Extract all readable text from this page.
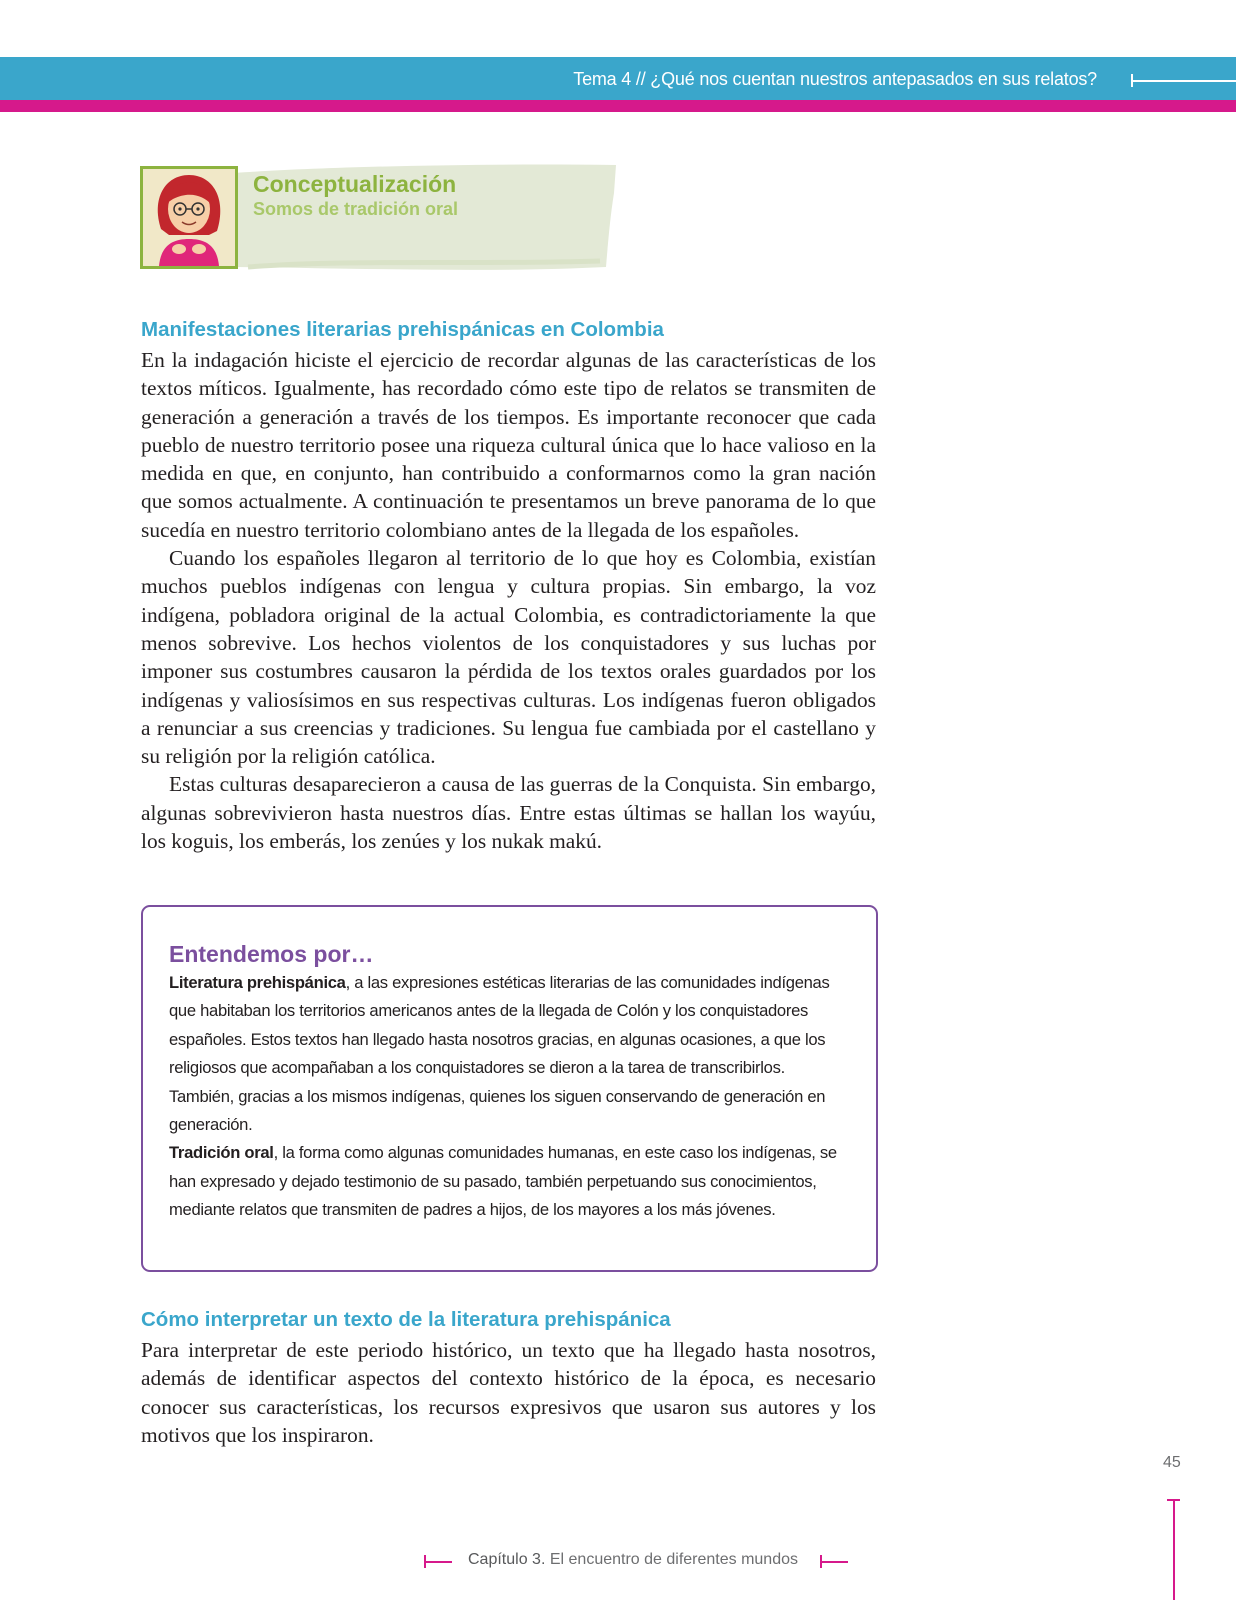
Tema 4 // ¿Qué nos cuentan nuestros antepasados en sus relatos?
Conceptualización
Somos de tradición oral
Manifestaciones literarias prehispánicas en Colombia

En la indagación hiciste el ejercicio de recordar algunas de las características de los textos míticos. Igualmente, has recordado cómo este tipo de relatos se transmiten de generación a generación a través de los tiempos. Es importante reconocer que cada pueblo de nuestro territorio posee una riqueza cultural única que lo hace valioso en la medida en que, en conjunto, han contribuido a conformarnos como la gran nación que somos actualmente. A continuación te presentamos un breve panorama de lo que sucedía en nuestro territorio colombiano antes de la llegada de los españoles.

Cuando los españoles llegaron al territorio de lo que hoy es Colombia, existían muchos pueblos indígenas con lengua y cultura propias. Sin embargo, la voz indígena, pobladora original de la actual Colombia, es contradictoriamente la que menos sobrevive. Los hechos violentos de los conquistadores y sus luchas por imponer sus costumbres causaron la pérdida de los textos orales guardados por los indígenas y valiosísimos en sus respectivas culturas. Los indígenas fueron obligados a renunciar a sus creencias y tradiciones. Su lengua fue cambiada por el castellano y su religión por la religión católica.

Estas culturas desaparecieron a causa de las guerras de la Conquista. Sin embargo, algunas sobrevivieron hasta nuestros días. Entre estas últimas se hallan los wayúu, los koguis, los emberás, los zenúes y los nukak makú.

Entendemos por…

Literatura prehispánica, a las expresiones estéticas literarias de las comunidades indígenas que habitaban los territorios americanos antes de la llegada de Colón y los conquistadores españoles. Estos textos han llegado hasta nosotros gracias, en algunas ocasiones, a que los religiosos que acompañaban a los conquistadores se dieron a la tarea de transcribirlos. También, gracias a los mismos indígenas, quienes los siguen conservando de generación en generación.

Tradición oral, la forma como algunas comunidades humanas, en este caso los indígenas, se han expresado y dejado testimonio de su pasado, también perpetuando sus conocimientos, mediante relatos que transmiten de padres a hijos, de los mayores a los más jóvenes.

Cómo interpretar un texto de la literatura prehispánica

Para interpretar de este periodo histórico, un texto que ha llegado hasta nosotros, además de identificar aspectos del contexto histórico de la época, es necesario conocer sus características, los recursos expresivos que usaron sus autores y los motivos que los inspiraron.

45
Capítulo 3. El encuentro de diferentes mundos
